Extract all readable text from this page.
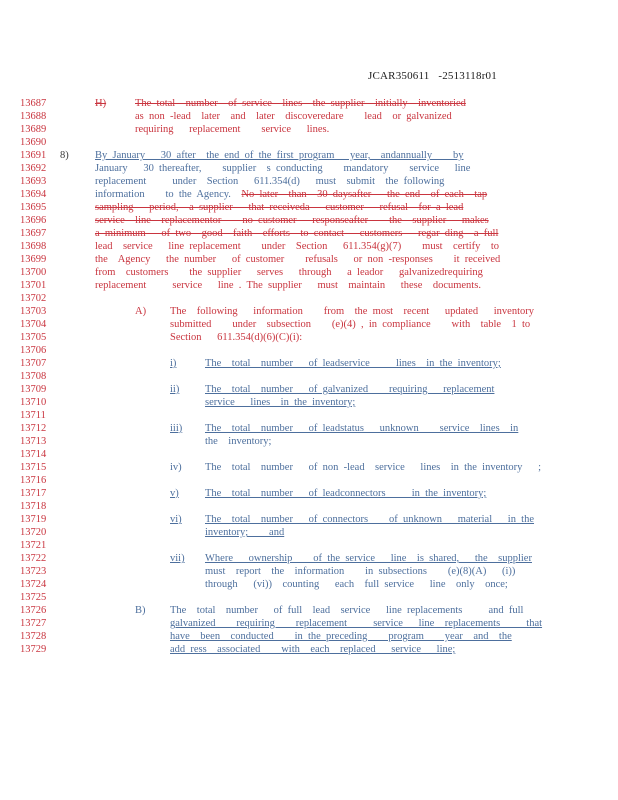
JCAR350611   -2513118r01
13687	H)	The total  number  of service  lines  the supplier  initially  inventoried
13688	as non -lead  later  and  later  discoveredare    lead  or galvanized
13689	requiring   replacement    service   lines.
13690
13691	8)	By January   30 after  the end of the first program   year,  andannually    by
13692	January   30 thereafter,    supplier  s conducting    mandatory    service   line
13693	replacement     under  Section   611.354(d)   must  submit  the following
13694	information    to the Agency.  No later  than  30 daysafter   the end  of each  tap
13695	sampling   period,  a supplier   that receiveda   customer   refusal  for a lead
13696	service  line  replacementor    no customer   responseafter    the  supplier   makes
13697	a minimum   of two  good  faith  efforts  to contact   customers   regar ding  a full
13698	lead  service   line replacement    under  Section   611.354(g)(7)    must  certify  to
13699	the  Agency   the number   of customer    refusals   or non -responses    it received
13700	from  customers    the supplier   serves   through   a leador   galvanizedrequiring
13701	replacement     service   line . The supplier   must  maintain   these  documents.
13702
13703	A) The  following   information    from  the most  recent   updated   inventory
13704	submitted    under  subsection    (e)(4) , in compliance    with  table  1 to
13705	Section   611.354(d)(6)(C)(i):
13706
13707	i)	The  total  number   of leadservice     lines  in the inventory;
13708
13709	ii) The  total  number   of galvanized    requiring   replacement
13710	service   lines  in the inventory;
13711
13712	iii) The  total  number   of leadstatus   unknown    service  lines  in
13713	the  inventory;
13714
13715	iv) The  total  number   of non -lead  service   lines  in the inventory   ;
13716
13717	v)	The  total  number   of leadconnectors     in the inventory;
13718
13719	vi) The  total  number   of connectors    of unknown   material   in the
13720	inventory;    and
13721
13722	vii) Where   ownership    of the service   line  is shared,   the  supplier
13723	must  report  the  information    in subsections    (e)(8)(A)   (i))
13724	through   (vi))  counting   each  full service   line  only  once;
13725
13726	B) The  total  number   of full  lead  service   line replacements     and full
13727	galvanized    requiring    replacement     service   line  replacements     that
13728	have  been  conducted    in the preceding    program    year  and  the
13729	add ress  associated    with  each  replaced   service   line;
